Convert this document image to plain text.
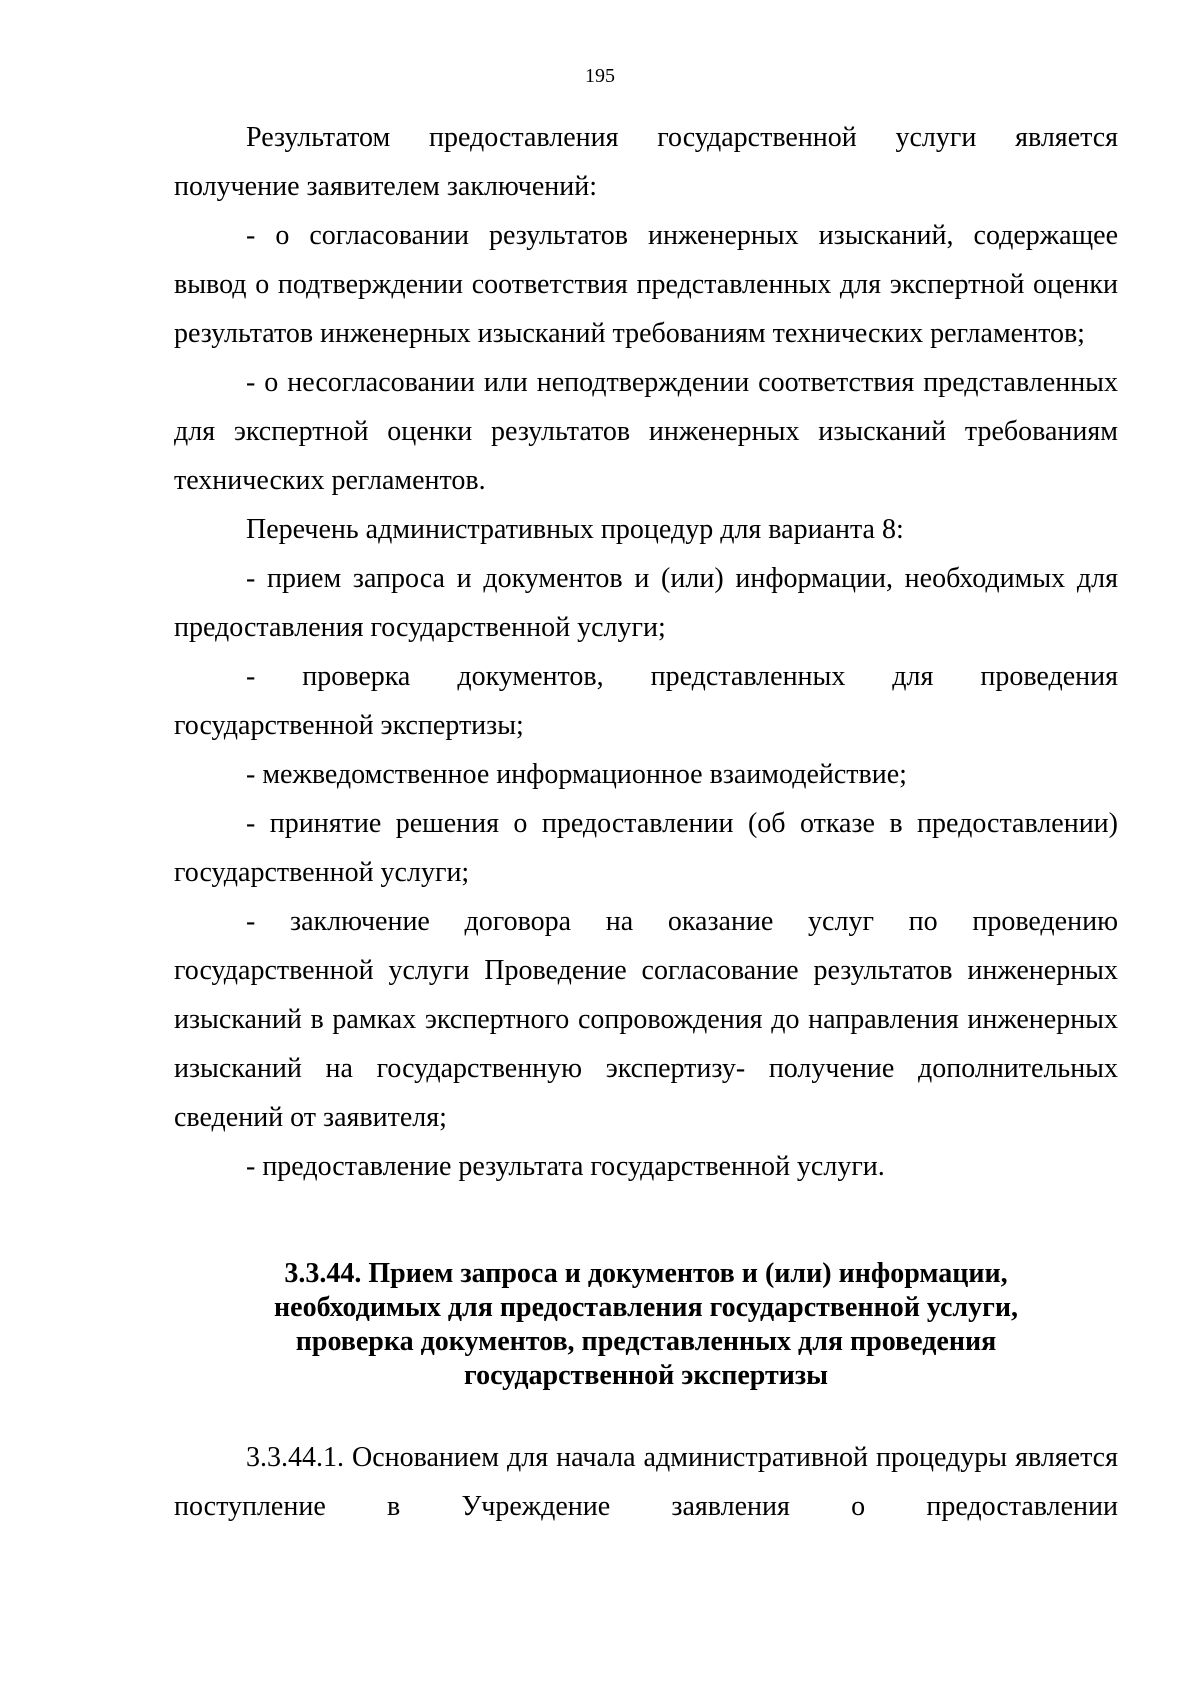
195

Результатом предоставления государственной услуги является получение заявителем заключений:

- о согласовании результатов инженерных изысканий, содержащее вывод о подтверждении соответствия представленных для экспертной оценки результатов инженерных изысканий требованиям технических регламентов;

- о несогласовании или неподтверждении соответствия представленных для экспертной оценки результатов инженерных изысканий требованиям технических регламентов.

Перечень административных процедур для варианта 8:

- прием запроса и документов и (или) информации, необходимых для предоставления государственной услуги;

- проверка документов, представленных для проведения государственной экспертизы;

- межведомственное информационное взаимодействие;

- принятие решения о предоставлении (об отказе в предоставлении) государственной услуги;

- заключение договора на оказание услуг по проведению государственной услуги Проведение согласование результатов инженерных изысканий в рамках экспертного сопровождения до направления инженерных изысканий на государственную экспертизу- получение дополнительных сведений от заявителя;

- предоставление результата государственной услуги.

3.3.44. Прием запроса и документов и (или) информации, необходимых для предоставления государственной услуги, проверка документов, представленных для проведения государственной экспертизы

3.3.44.1. Основанием для начала административной процедуры является поступление в Учреждение заявления о предоставлении
